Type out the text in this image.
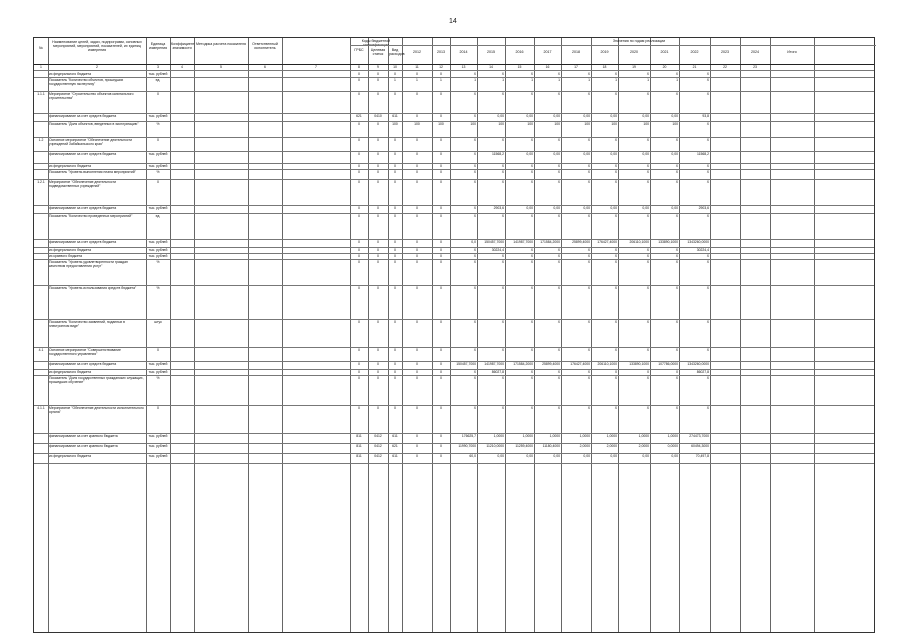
14
№
Наименование целей, задач, подпрограмм, основных мероприятий, мероприятий, показателей, их единиц измерения
Единица измерения
Коэффициент значимости
Методика расчета показателя	Ответственный исполнитель
Коды бюджетной классификации
ГРБС	Целевая статья
Вид расходов
Значения по годам реализации
2012	2013	2014	2015	2016	2017	2018	2019	2020	2021	2022	2023	2024	Итого
1	2	3	4	5	6	7	8	9	10	11	12	13	14	15	16	17	18	19	20	21	22	23
из федерального бюджета	тыс. рублей	Х	Х	Х	Х	Х	Х	Х	Х	Х	Х	Х	Х	Х	Х
Показатель "Количество объектов, прошедших государственную экспертизу"
ед.	Х	Х	1	1	1	1	1	1	1	1	1	1	1	Х
1.1.1	Мероприятие "Строительство объектов капитального строительства"
Х	Х	Х	Х	Х	Х	Х	Х	Х	Х	Х	Х	Х	Х	Х
финансирование за счет средств бюджета	тыс. рублей	621	0410	611	Х	Х	Х	0,00	0,00	0,00	0,00	0,00	0,00	0,00	93,8
Показатель "Доля объектов, введенных в эксплуатацию"	%	Х	Х	100	100	100	100	100	100	100	100	100	100	100	Х
1.2	Основное мероприятие "Обеспечение деятельности учреждений Забайкальского края"
Х	Х	Х	Х	Х	Х	Х	Х	Х	Х	Х	Х	Х	Х	Х
финансирование за счет средств бюджета	тыс. рублей	Х	Х	Х	Х	Х	Х	11568,2	0,00	0,00	0,00	0,00	0,00	0,00	11568,2
из федерального бюджета	тыс. рублей	Х	Х	Х	Х	Х	Х	Х	Х	Х	Х	Х	Х	Х	Х
Показатель "Уровень выполнения плана мероприятий"	%	Х	Х	Х	Х	Х	Х	Х	Х	Х	Х	Х	Х	Х	Х
1.2.1	Мероприятие "Обеспечение деятельности подведомственных учреждений"
Х	Х	Х	Х	Х	Х	Х	Х	Х	Х	Х	Х	Х	Х	Х
финансирование за счет средств бюджета	тыс. рублей	Х	Х	Х	Х	Х	Х	2903,6	0,00	0,00	0,00	0,00	0,00	0,00	2903,6
Показатель "Количество проведенных мероприятий"	ед.	Х	Х	Х	Х	Х	Х	Х	Х	Х	Х	Х	Х	Х	Х
финансирование за счет средств бюджета	тыс. рублей	Х	Х	Х	Х	Х	0,0	150457,7000	141987,7000	171584,2000	25899,4000	176427,4000	206110,1000	133890,1000	1343260,0000
из федерального бюджета	тыс. рублей	Х	Х	Х	Х	Х	Х	30224,4	Х	Х	Х	Х	Х	Х	30224,4
из краевого бюджета	тыс. рублей	Х	Х	Х	Х	Х	Х	Х	Х	Х	Х	Х	Х	Х	Х
Показатель "Уровень удовлетворенности граждан качеством предоставления услуг"
%	Х	Х	Х	Х	Х	Х	Х	Х	Х	Х	Х	Х	Х	Х
Показатель "Уровень использования средств бюджета"	%	Х	Х	Х	Х	Х	Х	Х	Х	Х	Х	Х	Х	Х	Х
Показатель "Количество заявлений, поданных в электронном виде"
штук	Х	Х	Х	Х	Х	Х	Х	Х	Х	Х	Х	Х	Х	Х
4.1	Основное мероприятие "Совершенствование государственного управления"
Х	Х	Х	Х	Х	Х	Х	Х	Х	Х	Х	Х	Х	Х	Х
финансирование за счет средств бюджета	тыс. рублей	Х	Х	Х	Х	Х	150457,7000	141987,7000	171584,2000	25899,4000	176427,4000	206110,1000	133890,1000	107786,0000	1343260,0000
из федерального бюджета	тыс. рублей	Х	Х	Х	Х	Х	Х	86027,8	Х	Х	Х	0	0	0	86027,8
Показатель "Доля государственных гражданских служащих, прошедших обучение"
%	Х	Х	Х	Х	Х	Х	Х	Х	Х	Х	Х	Х	Х	Х
4.1.1	Мероприятие "Обеспечение деятельности исполнительного органа"
Х	Х	Х	Х	Х	Х	Х	Х	Х	Х	Х	Х	Х	Х	Х
финансирование за счет краевого бюджета	тыс. рублей	811	0412	611	Х	Х	176625,7	1,0000	1,0000	1,0000	1,0000	1,0000	1,0000	1,0000	274473,7000
финансирование за счет краевого бюджета	тыс. рублей	811	0412	621	Х	Х	11990,7000	11210,0000	11259,4000	11180,4000	2,0000	2,0000	2,0000	0,0000	60494,3000
из федерального бюджета	тыс. рублей	811	0412	611	Х	Х	60,0	0,00	0,00	0,00	0,00	0,00	0,00	0,00	70,497,8
